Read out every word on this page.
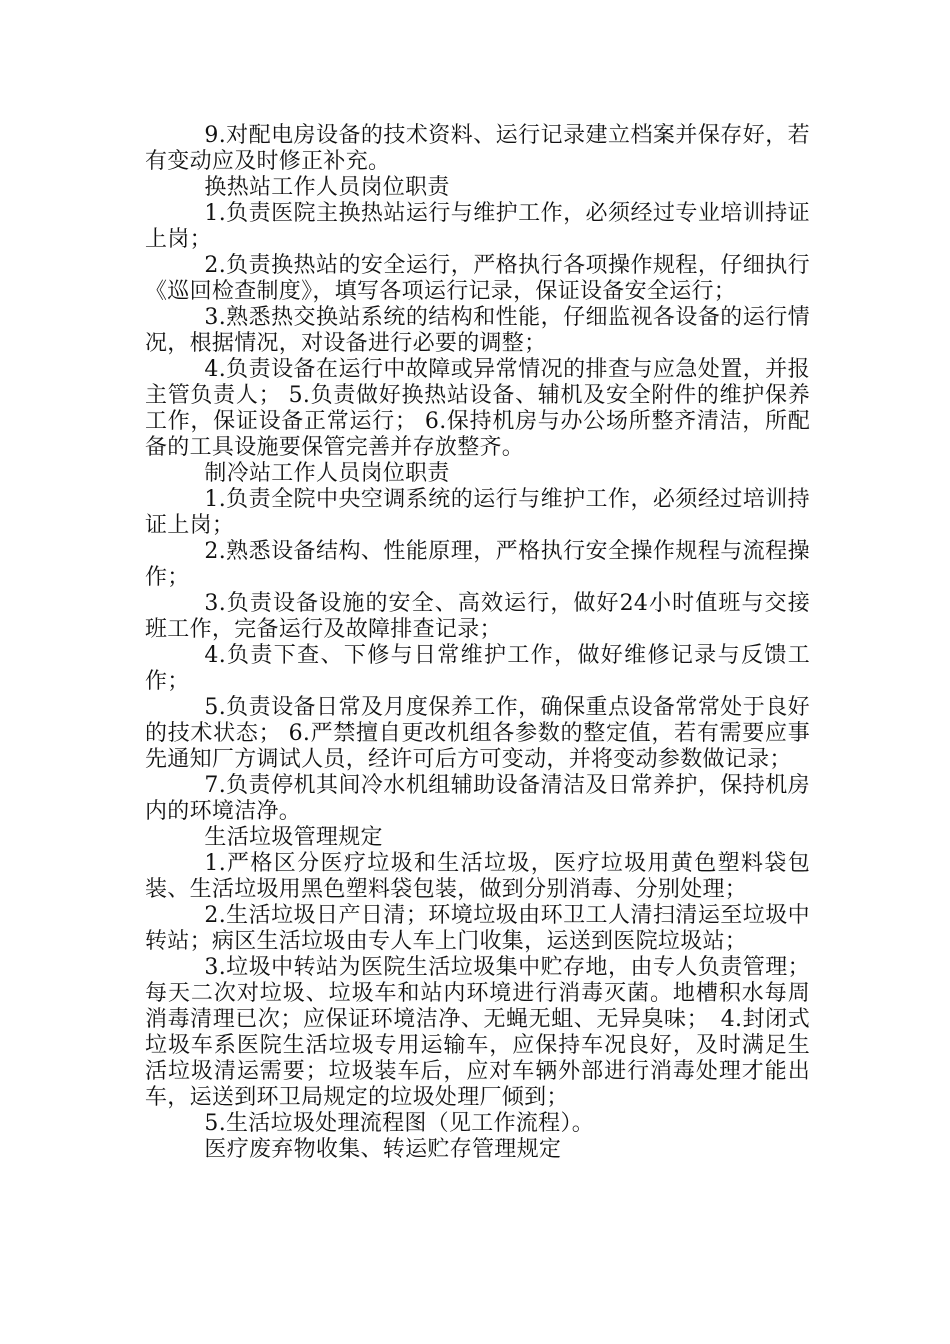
9.对配电房设备的技术资料、运行记录建立档案并保存好，若有变动应及时修正补充。

换热站工作人员岗位职责

1.负责医院主换热站运行与维护工作，必须经过专业培训持证上岗；

2.负责换热站的安全运行，严格执行各项操作规程，仔细执行《巡回检查制度》，填写各项运行记录，保证设备安全运行；

3.熟悉热交换站系统的结构和性能，仔细监视各设备的运行情况，根据情况，对设备进行必要的调整；

4.负责设备在运行中故障或异常情况的排查与应急处置，并报主管负责人； 5.负责做好换热站设备、辅机及安全附件的维护保养工作，保证设备正常运行； 6.保持机房与办公场所整齐清洁，所配备的工具设施要保管完善并存放整齐。

制冷站工作人员岗位职责

1.负责全院中央空调系统的运行与维护工作，必须经过培训持证上岗；

2.熟悉设备结构、性能原理，严格执行安全操作规程与流程操作；

3.负责设备设施的安全、高效运行，做好24小时值班与交接班工作，完备运行及故障排查记录；

4.负责下查、下修与日常维护工作，做好维修记录与反馈工作；

5.负责设备日常及月度保养工作，确保重点设备常常处于良好的技术状态； 6.严禁擅自更改机组各参数的整定值，若有需要应事先通知厂方调试人员，经许可后方可变动，并将变动参数做记录；

7.负责停机其间冷水机组辅助设备清洁及日常养护，保持机房内的环境洁净。

生活垃圾管理规定

1.严格区分医疗垃圾和生活垃圾，医疗垃圾用黄色塑料袋包装、生活垃圾用黑色塑料袋包装，做到分别消毒、分别处理；

2.生活垃圾日产日清；环境垃圾由环卫工人清扫清运至垃圾中转站；病区生活垃圾由专人车上门收集，运送到医院垃圾站；

3.垃圾中转站为医院生活垃圾集中贮存地，由专人负责管理；每天二次对垃圾、垃圾车和站内环境进行消毒灭菌。地槽积水每周消毒清理已次；应保证环境洁净、无蝇无蛆、无异臭味；　4.封闭式垃圾车系医院生活垃圾专用运输车，应保持车况良好，及时满足生活垃圾清运需要；垃圾装车后，应对车辆外部进行消毒处理才能出车，运送到环卫局规定的垃圾处理厂倾到；

5.生活垃圾处理流程图（见工作流程）。

医疗废弃物收集、转运贮存管理规定
